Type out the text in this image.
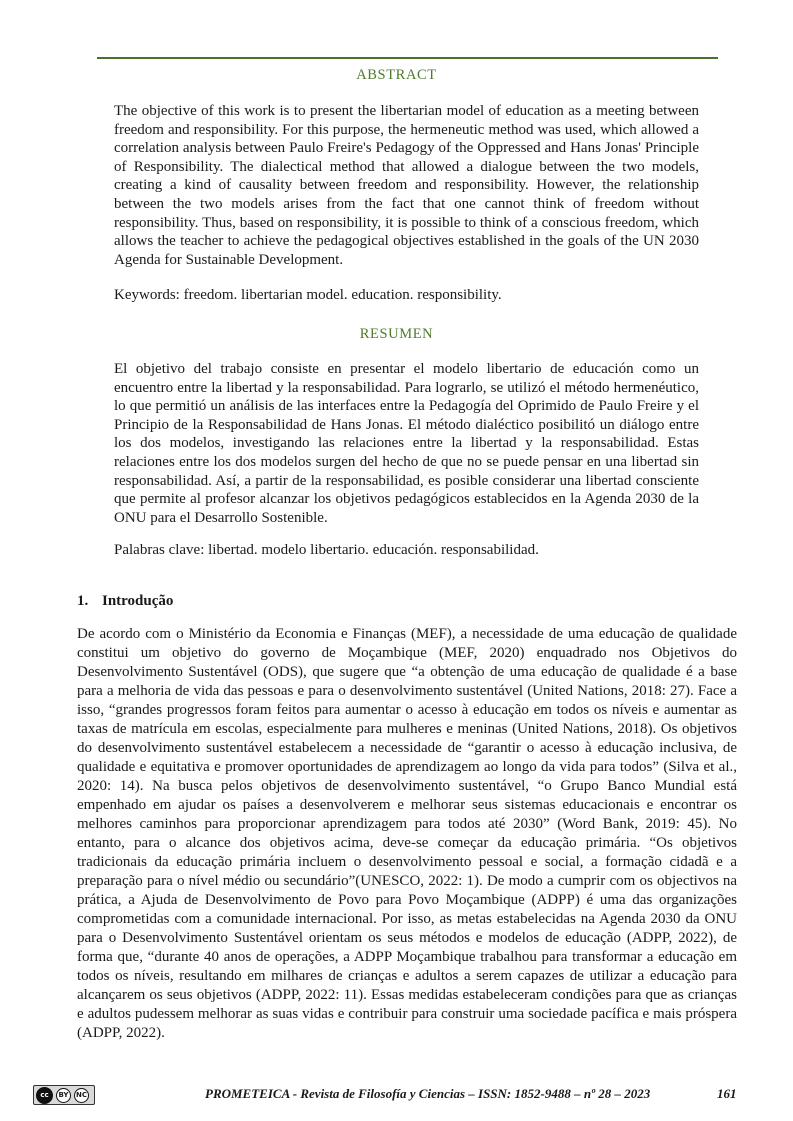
ABSTRACT

The objective of this work is to present the libertarian model of education as a meeting between freedom and responsibility. For this purpose, the hermeneutic method was used, which allowed a correlation analysis between Paulo Freire's Pedagogy of the Oppressed and Hans Jonas' Principle of Responsibility. The dialectical method that allowed a dialogue between the two models, creating a kind of causality between freedom and responsibility. However, the relationship between the two models arises from the fact that one cannot think of freedom without responsibility. Thus, based on responsibility, it is possible to think of a conscious freedom, which allows the teacher to achieve the pedagogical objectives established in the goals of the UN 2030 Agenda for Sustainable Development.

Keywords: freedom. libertarian model. education. responsibility.

RESUMEN

El objetivo del trabajo consiste en presentar el modelo libertario de educación como un encuentro entre la libertad y la responsabilidad. Para lograrlo, se utilizó el método hermenéutico, lo que permitió un análisis de las interfaces entre la Pedagogía del Oprimido de Paulo Freire y el Principio de la Responsabilidad de Hans Jonas. El método dialéctico posibilitó un diálogo entre los dos modelos, investigando las relaciones entre la libertad y la responsabilidad. Estas relaciones entre los dos modelos surgen del hecho de que no se puede pensar en una libertad sin responsabilidad. Así, a partir de la responsabilidad, es posible considerar una libertad consciente que permite al profesor alcanzar los objetivos pedagógicos establecidos en la Agenda 2030 de la ONU para el Desarrollo Sostenible.

Palabras clave: libertad. modelo libertario. educación. responsabilidad.

1. Introdução

De acordo com o Ministério da Economia e Finanças (MEF), a necessidade de uma educação de qualidade constitui um objetivo do governo de Moçambique (MEF, 2020) enquadrado nos Objetivos do Desenvolvimento Sustentável (ODS), que sugere que “a obtenção de uma educação de qualidade é a base para a melhoria de vida das pessoas e para o desenvolvimento sustentável (United Nations, 2018: 27). Face a isso, “grandes progressos foram feitos para aumentar o acesso à educação em todos os níveis e aumentar as taxas de matrícula em escolas, especialmente para mulheres e meninas (United Nations, 2018). Os objetivos do desenvolvimento sustentável estabelecem a necessidade de “garantir o acesso à educação inclusiva, de qualidade e equitativa e promover oportunidades de aprendizagem ao longo da vida para todos” (Silva et al., 2020: 14). Na busca pelos objetivos de desenvolvimento sustentável, “o Grupo Banco Mundial está empenhado em ajudar os países a desenvolverem e melhorar seus sistemas educacionais e encontrar os melhores caminhos para proporcionar aprendizagem para todos até 2030” (Word Bank, 2019: 45). No entanto, para o alcance dos objetivos acima, deve-se começar da educação primária. “Os objetivos tradicionais da educação primária incluem o desenvolvimento pessoal e social, a formação cidadã e a preparação para o nível médio ou secundário”(UNESCO, 2022: 1). De modo a cumprir com os objectivos na prática, a Ajuda de Desenvolvimento de Povo para Povo Moçambique (ADPP) é uma das organizações comprometidas com a comunidade internacional. Por isso, as metas estabelecidas na Agenda 2030 da ONU para o Desenvolvimento Sustentável orientam os seus métodos e modelos de educação (ADPP, 2022), de forma que, “durante 40 anos de operações, a ADPP Moçambique trabalhou para transformar a educação em todos os níveis, resultando em milhares de crianças e adultos a serem capazes de utilizar a educação para alcançarem os seus objetivos (ADPP, 2022: 11). Essas medidas estabeleceram condições para que as crianças e adultos pudessem melhorar as suas vidas e contribuir para construir uma sociedade pacífica e mais próspera (ADPP, 2022).

cc	BY	NC	PROMETEICA - Revista de Filosofía y Ciencias – ISSN: 1852-9488 – nº 28 – 2023	161
